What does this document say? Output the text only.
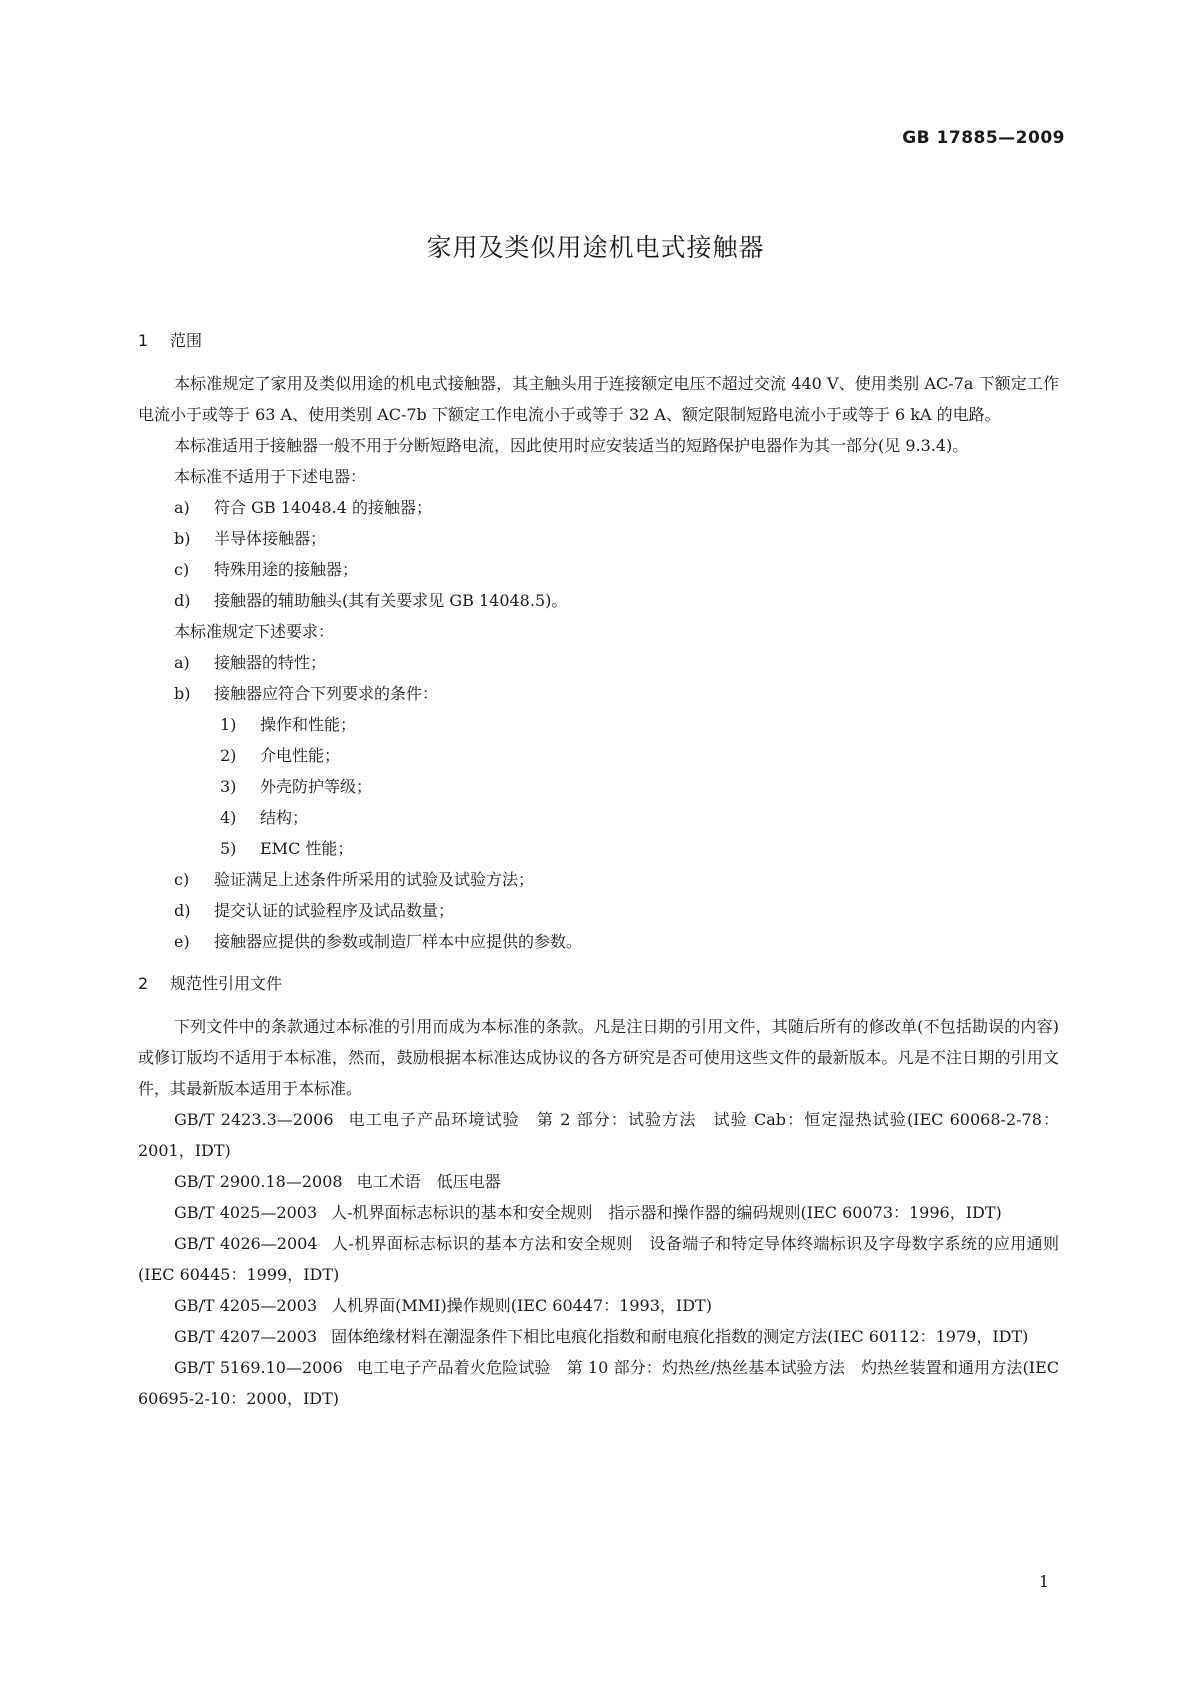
GB 17885—2009
家用及类似用途机电式接触器
1 范围
本标准规定了家用及类似用途的机电式接触器，其主触头用于连接额定电压不超过交流 440 V、使用类别 AC-7a 下额定工作电流小于或等于 63 A、使用类别 AC-7b 下额定工作电流小于或等于 32 A、额定限制短路电流小于或等于 6 kA 的电路。
本标准适用于接触器一般不用于分断短路电流，因此使用时应安装适当的短路保护电器作为其一部分(见 9.3.4)。
本标准不适用于下述电器：
a) 符合 GB 14048.4 的接触器；
b) 半导体接触器；
c) 特殊用途的接触器；
d) 接触器的辅助触头(其有关要求见 GB 14048.5)。
本标准规定下述要求：
a) 接触器的特性；
b) 接触器应符合下列要求的条件：
1) 操作和性能；
2) 介电性能；
3) 外壳防护等级；
4) 结构；
5) EMC 性能；
c) 验证满足上述条件所采用的试验及试验方法；
d) 提交认证的试验程序及试品数量；
e) 接触器应提供的参数或制造厂样本中应提供的参数。
2 规范性引用文件
下列文件中的条款通过本标准的引用而成为本标准的条款。凡是注日期的引用文件，其随后所有的修改单(不包括勘误的内容)或修订版均不适用于本标准，然而，鼓励根据本标准达成协议的各方研究是否可使用这些文件的最新版本。凡是不注日期的引用文件，其最新版本适用于本标准。
GB/T 2423.3—2006 电工电子产品环境试验　第 2 部分：试验方法　试验 Cab：恒定湿热试验(IEC 60068-2-78：2001，IDT)
GB/T 2900.18—2008 电工术语　低压电器
GB/T 4025—2003 人-机界面标志标识的基本和安全规则　指示器和操作器的编码规则(IEC 60073：1996，IDT)
GB/T 4026—2004 人-机界面标志标识的基本方法和安全规则　设备端子和特定导体终端标识及字母数字系统的应用通则(IEC 60445：1999，IDT)
GB/T 4205—2003 人机界面(MMI)操作规则(IEC 60447：1993，IDT)
GB/T 4207—2003 固体绝缘材料在潮湿条件下相比电痕化指数和耐电痕化指数的测定方法(IEC 60112：1979，IDT)
GB/T 5169.10—2006 电工电子产品着火危险试验　第 10 部分：灼热丝/热丝基本试验方法　灼热丝装置和通用方法(IEC 60695-2-10：2000，IDT)
1
